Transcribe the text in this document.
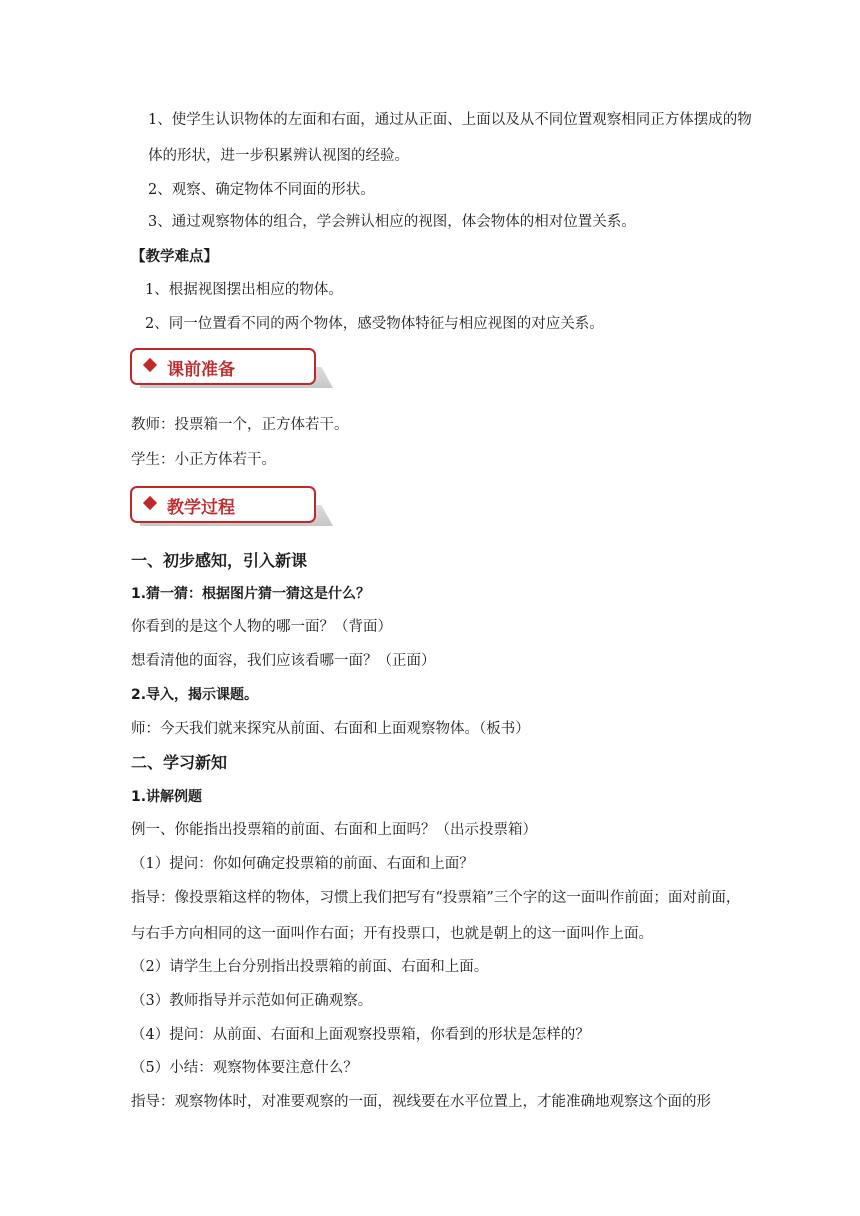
1、使学生认识物体的左面和右面，通过从正面、上面以及从不同位置观察相同正方体摆成的物体的形状，进一步积累辨认视图的经验。
2、观察、确定物体不同面的形状。
3、通过观察物体的组合，学会辨认相应的视图，体会物体的相对位置关系。
【教学难点】
1、根据视图摆出相应的物体。
2、同一位置看不同的两个物体，感受物体特征与相应视图的对应关系。
课前准备
教师：投票箱一个，正方体若干。
学生：小正方体若干。
教学过程
一、初步感知，引入新课
1.猜一猜：根据图片猜一猜这是什么？
你看到的是这个人物的哪一面？（背面）
想看清他的面容，我们应该看哪一面？（正面）
2.导入，揭示课题。
师：今天我们就来探究从前面、右面和上面观察物体。（板书）
二、学习新知
1.讲解例题
例一、你能指出投票箱的前面、右面和上面吗？（出示投票箱）
（1）提问：你如何确定投票箱的前面、右面和上面？
指导：像投票箱这样的物体，习惯上我们把写有“投票箱”三个字的这一面叫作前面；面对前面，与右手方向相同的这一面叫作右面；开有投票口，也就是朝上的这一面叫作上面。
（2）请学生上台分别指出投票箱的前面、右面和上面。
（3）教师指导并示范如何正确观察。
（4）提问：从前面、右面和上面观察投票箱，你看到的形状是怎样的？
（5）小结：观察物体要注意什么？
指导：观察物体时，对准要观察的一面，视线要在水平位置上，才能准确地观察这个面的形
